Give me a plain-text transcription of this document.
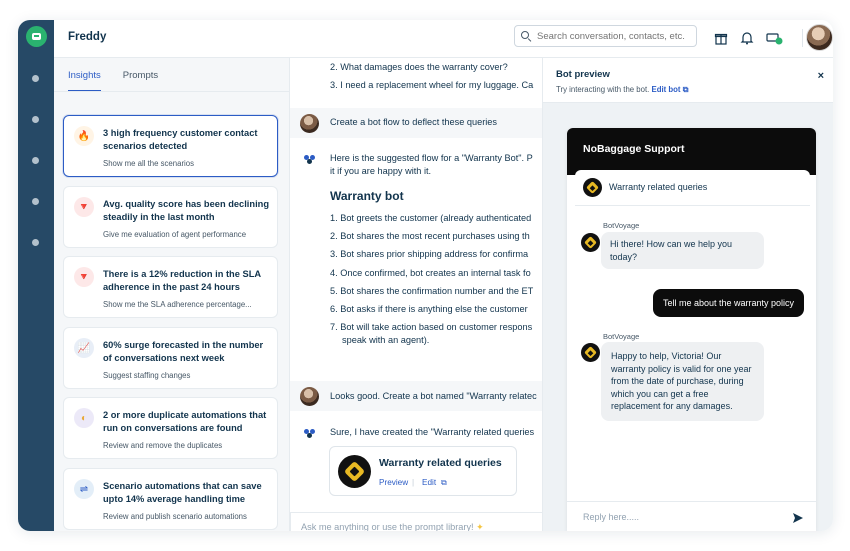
Freddy
Search conversation, contacts, etc.
Insights Prompts
🔥	3 high frequency customer contact scenarios detected
Show me all the scenarios
🔻	Avg. quality score has been declining steadily in the last month
Give me evaluation of agent performance
🔻	There is a 12% reduction in the SLA adherence in the past 24 hours
Show me the SLA adherence percentage...
📈	60% surge forecasted in the number of conversations next week
Suggest staffing changes
◐	2 or more duplicate automations that run on conversations are found
Review and remove the duplicates
⇌	Scenario automations that can save upto 14% average handling time
Review and publish scenario automations
2. What damages does the warranty cover?
3. I need a replacement wheel for my luggage. Ca
Create a bot flow to deflect these queries
Here is the suggested flow for a "Warranty Bot". P
it if you are happy with it.
Warranty bot
1. Bot greets the customer (already authenticated
2. Bot shares the most recent purchases using th
3. Bot shares prior shipping address for confirma
4. Once confirmed, bot creates an internal task fo
5. Bot shares the confirmation number and the ET
6. Bot asks if there is anything else the customer
7. Bot will take action based on customer respons
speak with an agent).
Looks good. Create a bot named "Warranty relatec
Sure, I have created the "Warranty related queries
Warranty related queries
Preview | Edit ⧉
Ask me anything or use the prompt library! ✦
Bot preview
Try interacting with the bot. Edit bot ⧉
×
NoBaggage Support
Warranty related queries
BotVoyage
Hi there! How can we help you today?
Tell me about the warranty policy
BotVoyage
Happy to help, Victoria! Our warranty policy is valid for one year from the date of purchase, during which you can get a free replacement for any damages.
Reply here.....
